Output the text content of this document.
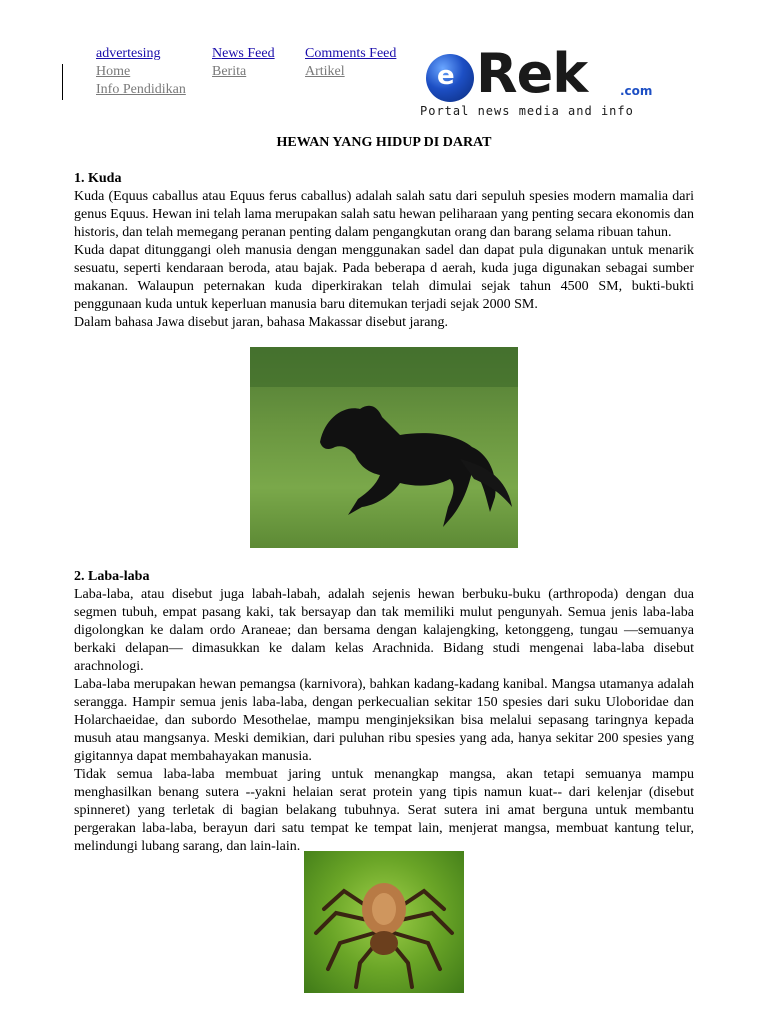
advertesing
Home
Info Pendidikan
News Feed
Berita
Comments Feed
Artikel	e Rek	.com
Portal news media and info
HEWAN YANG HIDUP DI DARAT
1. Kuda

Kuda (Equus caballus atau Equus ferus caballus) adalah salah satu dari sepuluh spesies modern mamalia dari genus Equus. Hewan ini telah lama merupakan salah satu hewan peliharaan yang penting secara ekonomis dan historis, dan telah memegang peranan penting dalam pengangkutan orang dan barang selama ribuan tahun.

Kuda dapat ditunggangi oleh manusia dengan menggunakan sadel dan dapat pula digunakan untuk menarik sesuatu, seperti kendaraan beroda, atau bajak. Pada beberapa d aerah, kuda juga digunakan sebagai sumber makanan. Walaupun peternakan kuda diperkirakan telah dimulai sejak tahun 4500 SM, bukti-bukti penggunaan kuda untuk keperluan manusia baru ditemukan terjadi sejak 2000 SM.

Dalam bahasa Jawa disebut jaran, bahasa Makassar disebut jarang.

2. Laba-laba

Laba-laba, atau disebut juga labah-labah, adalah sejenis hewan berbuku-buku (arthropoda) dengan dua segmen tubuh, empat pasang kaki, tak bersayap dan tak memiliki mulut pengunyah. Semua jenis laba-laba digolongkan ke dalam ordo Araneae; dan bersama dengan kalajengking, ketonggeng, tungau —semuanya berkaki delapan— dimasukkan ke dalam kelas Arachnida. Bidang studi mengenai laba-laba disebut arachnologi.

Laba-laba merupakan hewan pemangsa (karnivora), bahkan kadang-kadang kanibal. Mangsa utamanya adalah serangga. Hampir semua jenis laba-laba, dengan perkecualian sekitar 150 spesies dari suku Uloboridae dan Holarchaeidae, dan subordo Mesothelae, mampu menginjeksikan bisa melalui sepasang taringnya kepada musuh atau mangsanya. Meski demikian, dari puluhan ribu spesies yang ada, hanya sekitar 200 spesies yang gigitannya dapat membahayakan manusia.

Tidak semua laba-laba membuat jaring untuk menangkap mangsa, akan tetapi semuanya mampu menghasilkan benang sutera --yakni helaian serat protein yang tipis namun kuat-- dari kelenjar (disebut spinneret) yang terletak di bagian belakang tubuhnya. Serat sutera ini amat berguna untuk membantu pergerakan laba-laba, berayun dari satu tempat ke tempat lain, menjerat mangsa, membuat kantung telur, melindungi lubang sarang, dan lain-lain.
